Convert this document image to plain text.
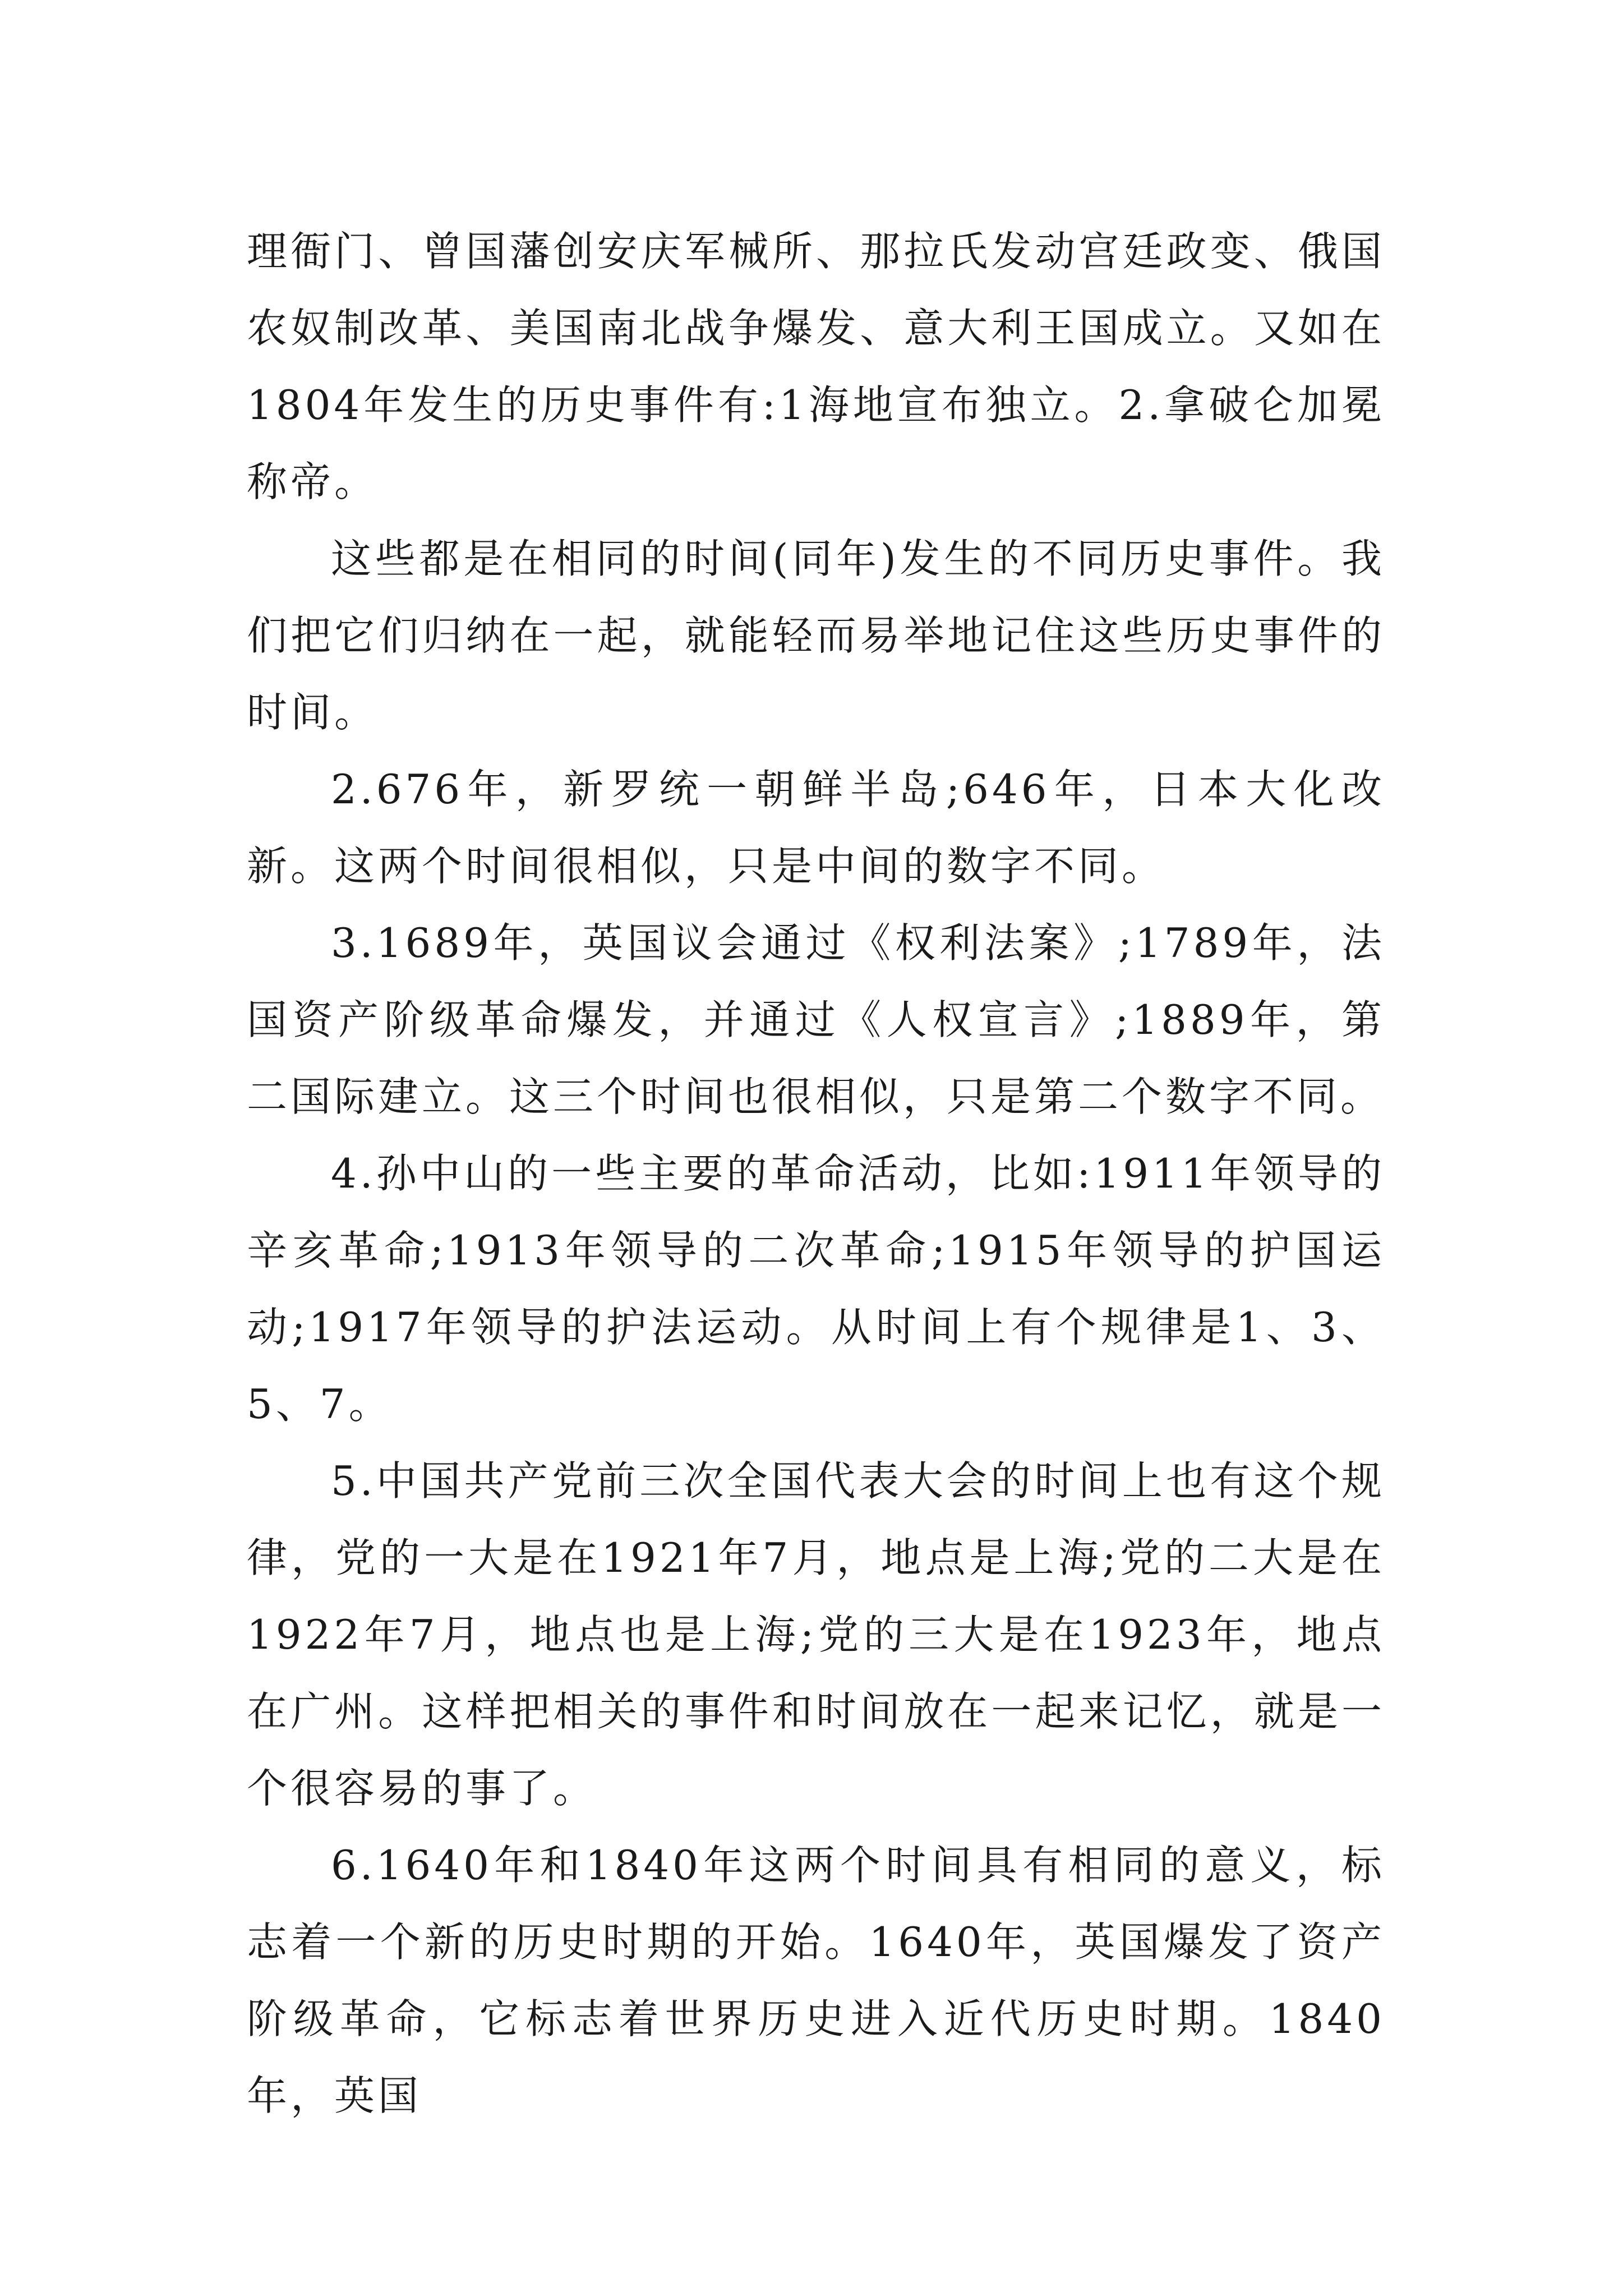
理衙门、曾国藩创安庆军械所、那拉氏发动宫廷政变、俄国农奴制改革、美国南北战争爆发、意大利王国成立。又如在1804年发生的历史事件有:1海地宣布独立。2.拿破仑加冕称帝。

这些都是在相同的时间(同年)发生的不同历史事件。我们把它们归纳在一起，就能轻而易举地记住这些历史事件的时间。

2.676年，新罗统一朝鲜半岛;646年，日本大化改新。这两个时间很相似，只是中间的数字不同。

3.1689年，英国议会通过《权利法案》;1789年，法国资产阶级革命爆发，并通过《人权宣言》;1889年，第二国际建立。这三个时间也很相似，只是第二个数字不同。

4.孙中山的一些主要的革命活动，比如:1911年领导的辛亥革命;1913年领导的二次革命;1915年领导的护国运动;1917年领导的护法运动。从时间上有个规律是1、3、5、7。

5.中国共产党前三次全国代表大会的时间上也有这个规律，党的一大是在1921年7月，地点是上海;党的二大是在1922年7月，地点也是上海;党的三大是在1923年，地点在广州。这样把相关的事件和时间放在一起来记忆，就是一个很容易的事了。

6.1640年和1840年这两个时间具有相同的意义，标志着一个新的历史时期的开始。1640年，英国爆发了资产阶级革命，它标志着世界历史进入近代历史时期。1840年，英国
